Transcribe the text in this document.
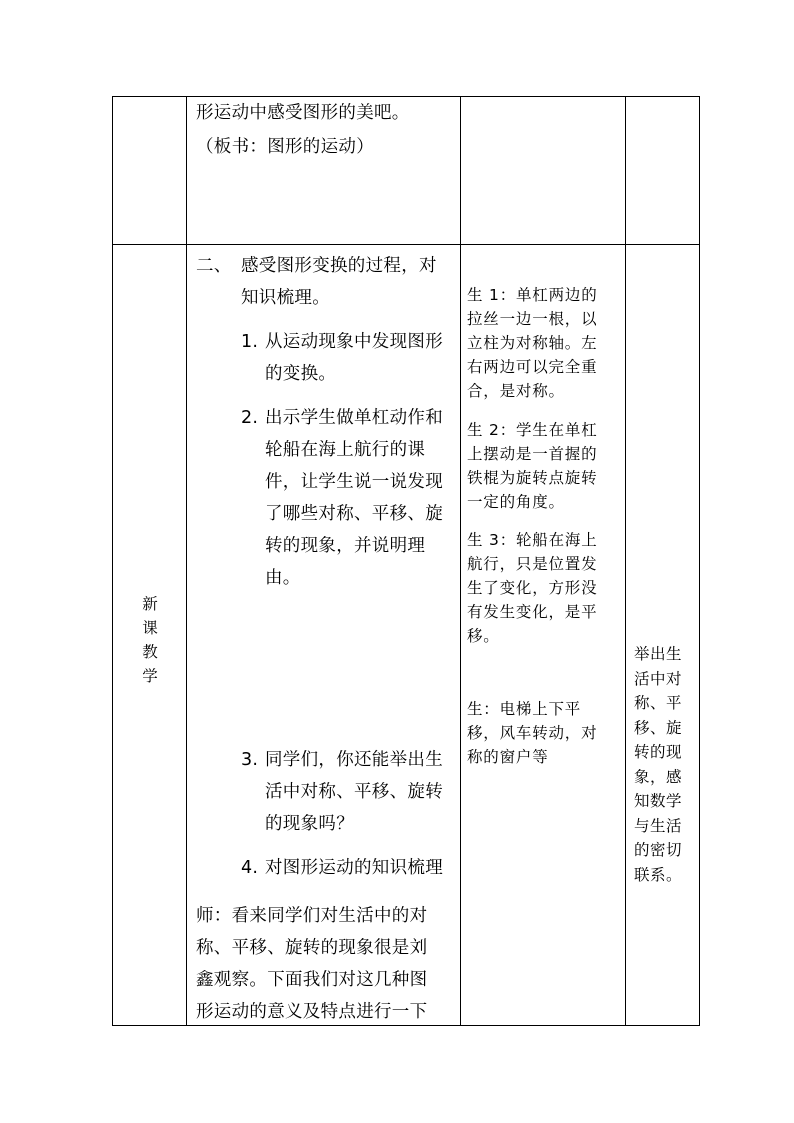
形运动中感受图形的美吧。
（板书：图形的运动）
新
课
教
学
二、 感受图形变换的过程，对
知识梳理。
1. 从运动现象中发现图形
的变换。
2. 出示学生做单杠动作和
轮船在海上航行的课
件，让学生说一说发现
了哪些对称、平移、旋
转的现象，并说明理
由。
3. 同学们，你还能举出生
活中对称、平移、旋转
的现象吗？
4. 对图形运动的知识梳理
师：看来同学们对生活中的对
称、平移、旋转的现象很是刘
鑫观察。下面我们对这几种图
形运动的意义及特点进行一下
生 1：单杠两边的
拉丝一边一根，以
立柱为对称轴。左
右两边可以完全重
合，是对称。
生 2：学生在单杠
上摆动是一首握的
铁棍为旋转点旋转
一定的角度。
生 3：轮船在海上
航行，只是位置发
生了变化，方形没
有发生变化，是平
移。
生：电梯上下平
移，风车转动，对
称的窗户等
举出生
活中对
称、平
移、旋
转的现
象，感
知数学
与生活
的密切
联系。
